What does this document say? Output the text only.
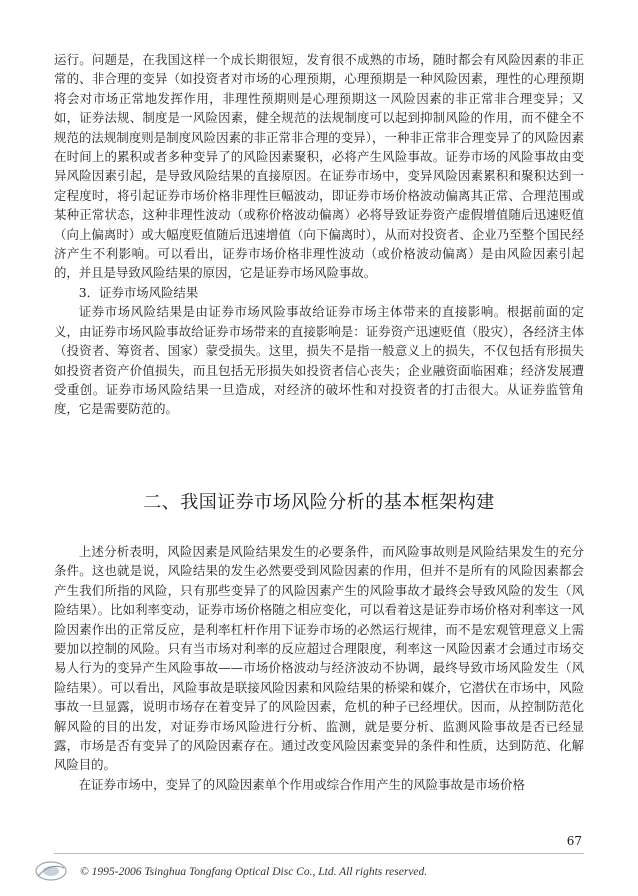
运行。问题是，在我国这样一个成长期很短，发育很不成熟的市场，随时都会有风险因素的非正常的、非合理的变异（如投资者对市场的心理预期，心理预期是一种风险因素，理性的心理预期将会对市场正常地发挥作用，非理性预期则是心理预期这一风险因素的非正常非合理变异；又如，证券法规、制度是一风险因素，健全规范的法规制度可以起到抑制风险的作用，而不健全不规范的法规制度则是制度风险因素的非正常非合理的变异），一种非正常非合理变异了的风险因素在时间上的累积或者多种变异了的风险因素聚积，必将产生风险事故。证券市场的风险事故由变异风险因素引起，是导致风险结果的直接原因。在证券市场中，变异风险因素累积和聚积达到一定程度时，将引起证券市场价格非理性巨幅波动，即证券市场价格波动偏离其正常、合理范围或某种正常状态，这种非理性波动（或称价格波动偏离）必将导致证券资产虚假增值随后迅速贬值（向上偏离时）或大幅度贬值随后迅速增值（向下偏离时），从而对投资者、企业乃至整个国民经济产生不利影响。可以看出，证券市场价格非理性波动（或价格波动偏离）是由风险因素引起的，并且是导致风险结果的原因，它是证券市场风险事故。

3．证券市场风险结果

证券市场风险结果是由证券市场风险事故给证券市场主体带来的直接影响。根据前面的定义，由证券市场风险事故给证券市场带来的直接影响是：证券资产迅速贬值（股灾），各经济主体（投资者、筹资者、国家）蒙受损失。这里，损失不是指一般意义上的损失，不仅包括有形损失如投资者资产价值损失，而且包括无形损失如投资者信心丧失；企业融资面临困难；经济发展遭受重创。证券市场风险结果一旦造成，对经济的破坏性和对投资者的打击很大。从证券监管角度，它是需要防范的。

二、我国证券市场风险分析的基本框架构建

上述分析表明，风险因素是风险结果发生的必要条件，而风险事故则是风险结果发生的充分条件。这也就是说，风险结果的发生必然要受到风险因素的作用，但并不是所有的风险因素都会产生我们所指的风险，只有那些变异了的风险因素产生的风险事故才最终会导致风险的发生（风险结果）。比如利率变动，证券市场价格随之相应变化，可以看着这是证券市场价格对利率这一风险因素作出的正常反应，是利率杠杆作用下证券市场的必然运行规律，而不是宏观管理意义上需要加以控制的风险。只有当市场对利率的反应超过合理限度，利率这一风险因素才会通过市场交易人行为的变异产生风险事故——市场价格波动与经济波动不协调，最终导致市场风险发生（风险结果）。可以看出，风险事故是联接风险因素和风险结果的桥梁和媒介，它潜伏在市场中，风险事故一旦显露，说明市场存在着变异了的风险因素，危机的种子已经埋伏。因而，从控制防范化解风险的目的出发，对证券市场风险进行分析、监测，就是要分析、监测风险事故是否已经显露，市场是否有变异了的风险因素存在。通过改变风险因素变异的条件和性质，达到防范、化解风险目的。

在证券市场中，变异了的风险因素单个作用或综合作用产生的风险事故是市场价格

67
© 1995-2006 Tsinghua Tongfang Optical Disc Co., Ltd. All rights reserved.
